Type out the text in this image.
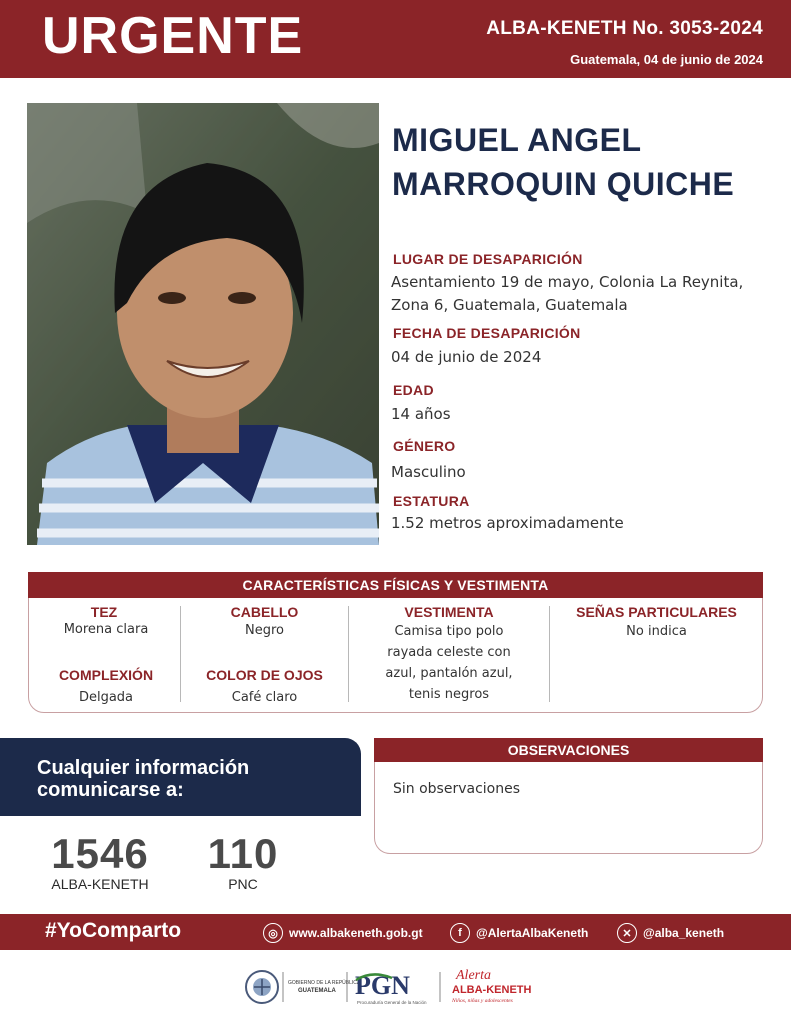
URGENTE	ALBA-KENETH No. 3053-2024
Guatemala, 04 de junio de 2024
MIGUEL ANGEL
MARROQUIN QUICHE
LUGAR DE DESAPARICIÓN
Asentamiento 19 de mayo, Colonia La Reynita,
Zona 6, Guatemala, Guatemala
FECHA DE DESAPARICIÓN
04 de junio de 2024
EDAD
14 años
GÉNERO
Masculino
ESTATURA
1.52 metros aproximadamente
CARACTERÍSTICAS FÍSICAS Y VESTIMENTA
TEZ
Morena clara
COMPLEXIÓN
Delgada
CABELLO
Negro
COLOR DE OJOS
Café claro
VESTIMENTA
Camisa tipo polo
rayada celeste con
azul, pantalón azul,
tenis negros
SEÑAS PARTICULARES
No indica
Cualquier información
comunicarse a:
1546
ALBA-KENETH
110
PNC
OBSERVACIONES
Sin observaciones
#YoComparto	◎ www.albakeneth.gob.gt	f	@AlertaAlbaKeneth	✕ @alba_keneth
GOBIERNO DE LA REPÚBLICA
GUATEMALA PGN
Procuraduría General de la Nación
Alerta
ALBA-KENETH
Niños, niñas y adolescentes
